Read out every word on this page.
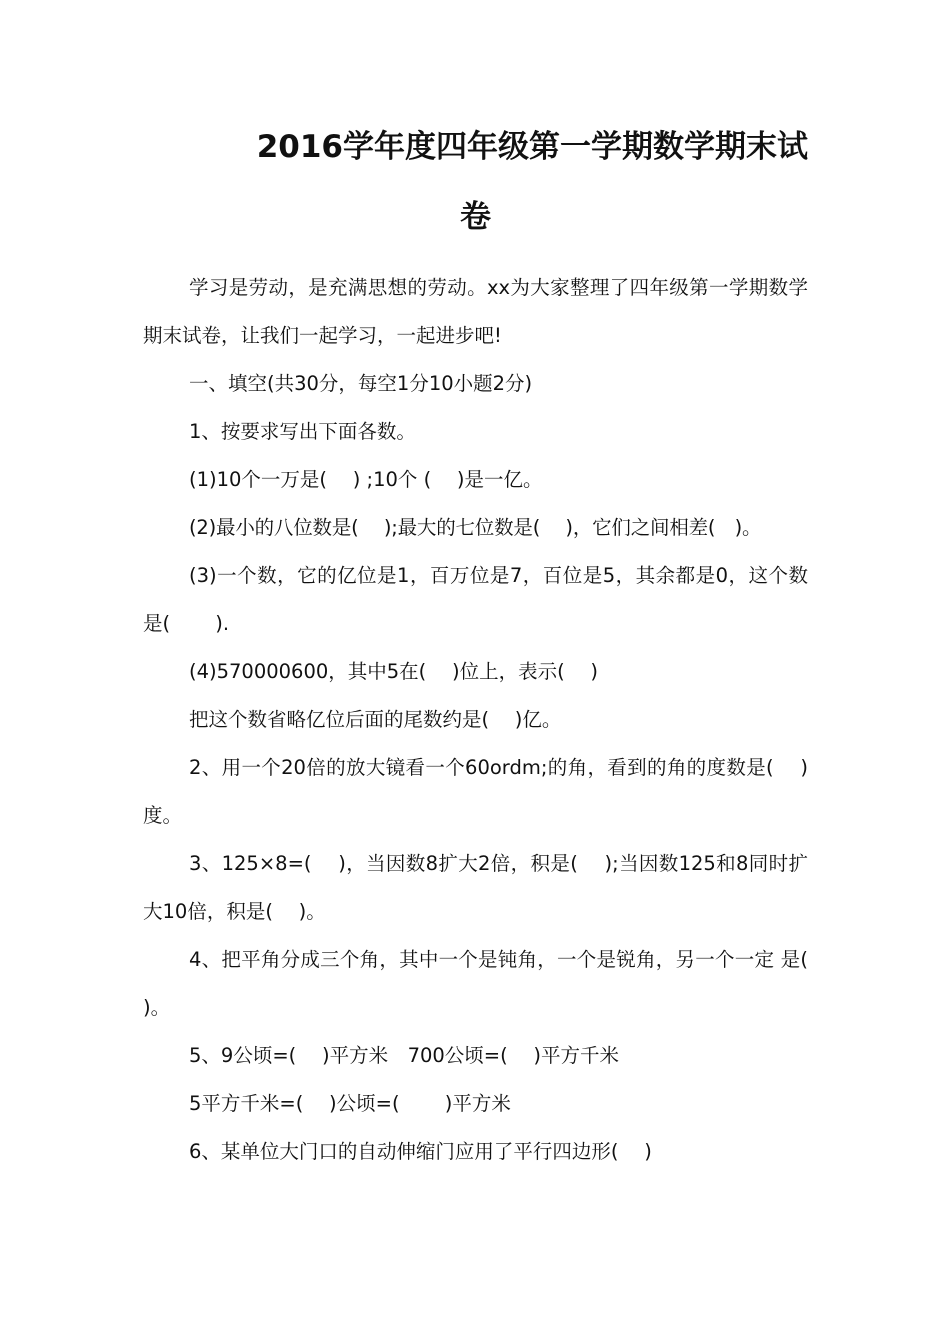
2016学年度四年级第一学期数学期末试
卷

学习是劳动，是充满思想的劳动。xx为大家整理了四年级第一学期数学期末试卷，让我们一起学习，一起进步吧!

一、填空(共30分，每空1分10小题2分)

1、按要求写出下面各数。

(1)10个一万是(　 ) ;10个 (　 )是一亿。

(2)最小的八位数是(　 );最大的七位数是(　 )，它们之间相差(　)。

(3)一个数，它的亿位是1，百万位是7，百位是5，其余都是0，这个数是(　　 ).

(4)570000600，其中5在(　 )位上，表示(　 )

把这个数省略亿位后面的尾数约是(　 )亿。

2、用一个20倍的放大镜看一个60ordm;的角，看到的角的度数是(　 )度。

3、125×8=(　 )，当因数8扩大2倍，积是(　 );当因数125和8同时扩大10倍，积是(　 )。

4、把平角分成三个角，其中一个是钝角，一个是锐角，另一个一定 是(　 　)。

5、9公顷=(　 )平方米　700公顷=(　 )平方千米

5平方千米=(　 )公顷=(　 　)平方米

6、某单位大门口的自动伸缩门应用了平行四边形(　 )
